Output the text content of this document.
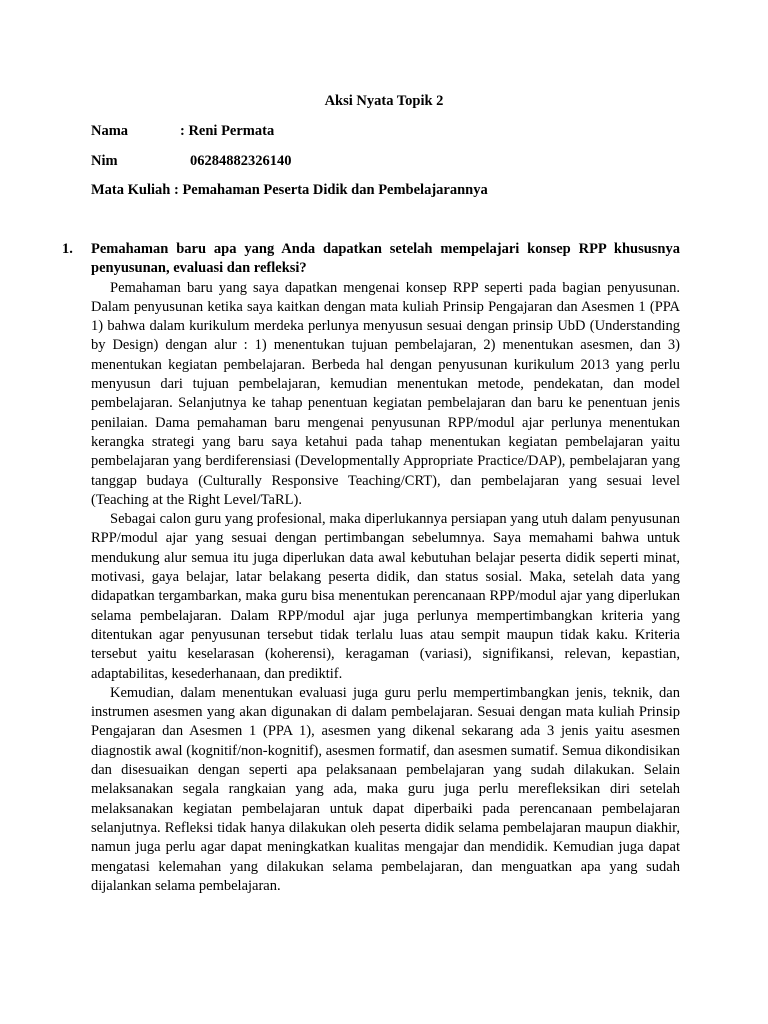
Aksi Nyata Topik 2
Nama	: Reni Permata
Nim	06284882326140
Mata Kuliah : Pemahaman Peserta Didik dan Pembelajarannya
1. Pemahaman baru apa yang Anda dapatkan setelah mempelajari konsep RPP khususnya penyusunan, evaluasi dan refleksi?

Pemahaman baru yang saya dapatkan mengenai konsep RPP seperti pada bagian penyusunan. Dalam penyusunan ketika saya kaitkan dengan mata kuliah Prinsip Pengajaran dan Asesmen 1 (PPA 1) bahwa dalam kurikulum merdeka perlunya menyusun sesuai dengan prinsip UbD (Understanding by Design) dengan alur : 1) menentukan tujuan pembelajaran, 2) menentukan asesmen, dan 3) menentukan kegiatan pembelajaran. Berbeda hal dengan penyusunan kurikulum 2013 yang perlu menyusun dari tujuan pembelajaran, kemudian menentukan metode, pendekatan, dan model pembelajaran. Selanjutnya ke tahap penentuan kegiatan pembelajaran dan baru ke penentuan jenis penilaian. Dama pemahaman baru mengenai penyusunan RPP/modul ajar perlunya menentukan kerangka strategi yang baru saya ketahui pada tahap menentukan kegiatan pembelajaran yaitu pembelajaran yang berdiferensiasi (Developmentally Appropriate Practice/DAP), pembelajaran yang tanggap budaya (Culturally Responsive Teaching/CRT), dan pembelajaran yang sesuai level (Teaching at the Right Level/TaRL).

Sebagai calon guru yang profesional, maka diperlukannya persiapan yang utuh dalam penyusunan RPP/modul ajar yang sesuai dengan pertimbangan sebelumnya. Saya memahami bahwa untuk mendukung alur semua itu juga diperlukan data awal kebutuhan belajar peserta didik seperti minat, motivasi, gaya belajar, latar belakang peserta didik, dan status sosial. Maka, setelah data yang didapatkan tergambarkan, maka guru bisa menentukan perencanaan RPP/modul ajar yang diperlukan selama pembelajaran. Dalam RPP/modul ajar juga perlunya mempertimbangkan kriteria yang ditentukan agar penyusunan tersebut tidak terlalu luas atau sempit maupun tidak kaku. Kriteria tersebut yaitu keselarasan (koherensi), keragaman (variasi), signifikansi, relevan, kepastian, adaptabilitas, kesederhanaan, dan prediktif.

Kemudian, dalam menentukan evaluasi juga guru perlu mempertimbangkan jenis, teknik, dan instrumen asesmen yang akan digunakan di dalam pembelajaran. Sesuai dengan mata kuliah Prinsip Pengajaran dan Asesmen 1 (PPA 1), asesmen yang dikenal sekarang ada 3 jenis yaitu asesmen diagnostik awal (kognitif/non-kognitif), asesmen formatif, dan asesmen sumatif. Semua dikondisikan dan disesuaikan dengan seperti apa pelaksanaan pembelajaran yang sudah dilakukan. Selain melaksanakan segala rangkaian yang ada, maka guru juga perlu merefleksikan diri setelah melaksanakan kegiatan pembelajaran untuk dapat diperbaiki pada perencanaan pembelajaran selanjutnya. Refleksi tidak hanya dilakukan oleh peserta didik selama pembelajaran maupun diakhir, namun juga perlu agar dapat meningkatkan kualitas mengajar dan mendidik. Kemudian juga dapat mengatasi kelemahan yang dilakukan selama pembelajaran, dan menguatkan apa yang sudah dijalankan selama pembelajaran.
